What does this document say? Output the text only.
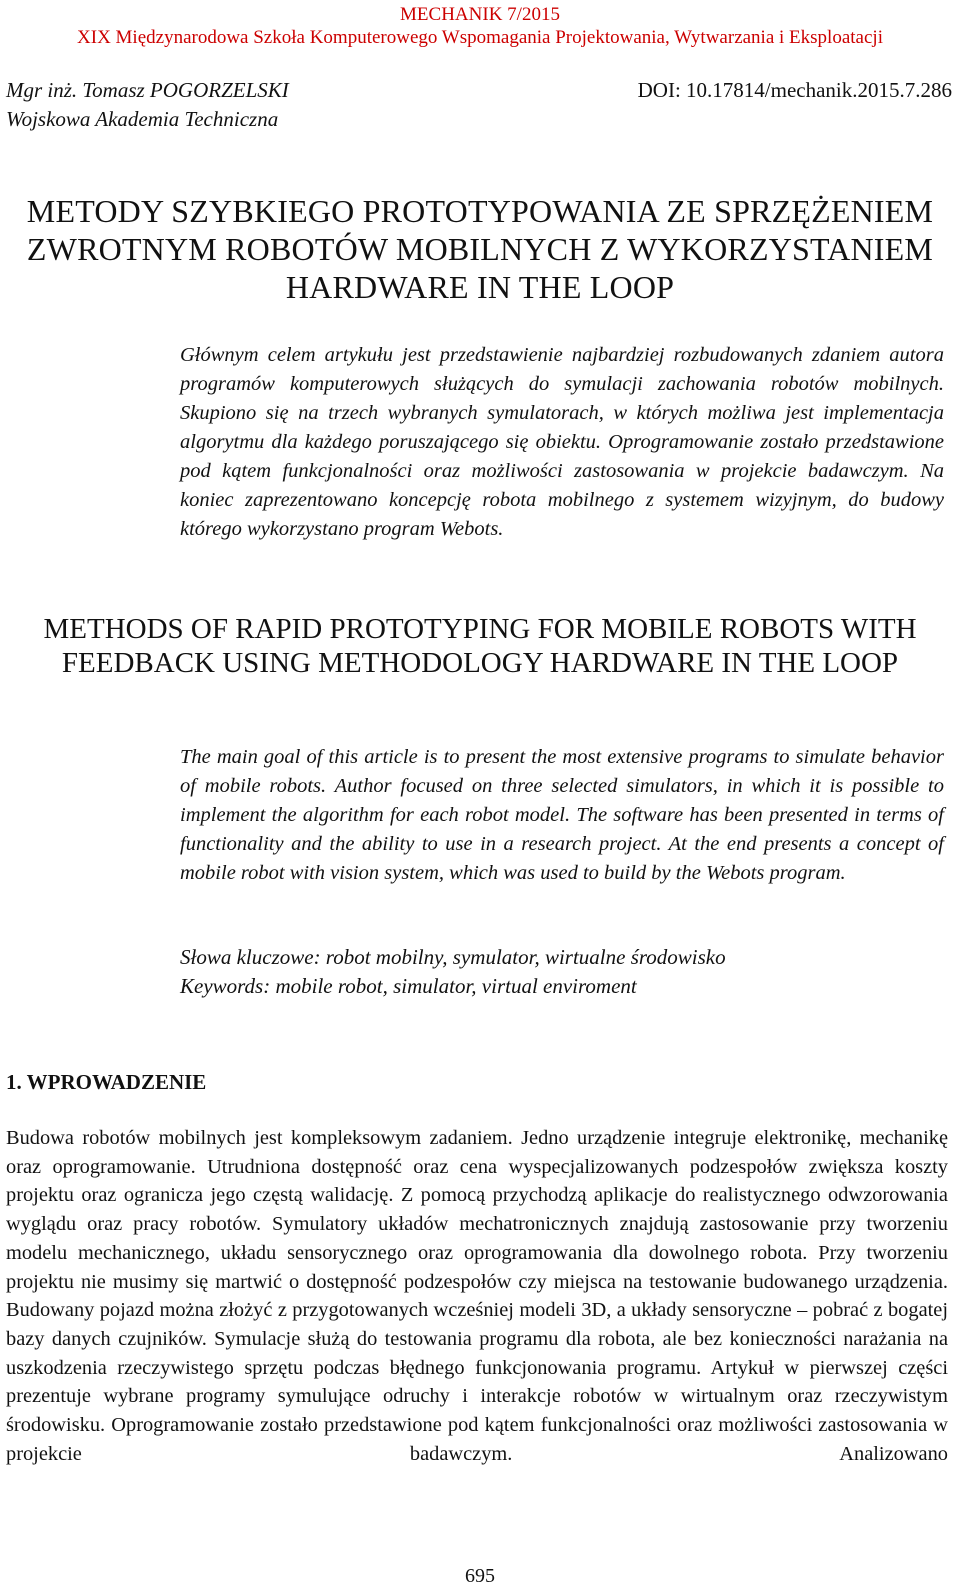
MECHANIK 7/2015
XIX Międzynarodowa Szkoła Komputerowego Wspomagania Projektowania, Wytwarzania i Eksploatacji
Mgr inż. Tomasz POGORZELSKI
Wojskowa Akademia Techniczna
DOI: 10.17814/mechanik.2015.7.286
METODY SZYBKIEGO PROTOTYPOWANIA ZE SPRZĘŻENIEM ZWROTNYM ROBOTÓW MOBILNYCH Z WYKORZYSTANIEM HARDWARE IN THE LOOP

Głównym celem artykułu jest przedstawienie najbardziej rozbudowanych zdaniem autora programów komputerowych służących do symulacji zachowania robotów mobilnych. Skupiono się na trzech wybranych symulatorach, w których możliwa jest implementacja algorytmu dla każdego poruszającego się obiektu. Oprogramowanie zostało przedstawione pod kątem funkcjonalności oraz możliwości zastosowania w projekcie badawczym. Na koniec zaprezentowano koncepcję robota mobilnego z systemem wizyjnym, do budowy którego wykorzystano program Webots.

METHODS OF RAPID PROTOTYPING FOR MOBILE ROBOTS WITH FEEDBACK USING METHODOLOGY HARDWARE IN THE LOOP

The main goal of this article is to present the most extensive programs to simulate behavior of mobile robots. Author focused on three selected simulators, in which it is possible to implement the algorithm for each robot model. The software has been presented in terms of functionality and the ability to use in a research project. At the end presents a concept of mobile robot with vision system, which was used to build by the Webots program.

Słowa kluczowe: robot mobilny, symulator, wirtualne środowisko
Keywords: mobile robot, simulator, virtual enviroment
1. WPROWADZENIE

Budowa robotów mobilnych jest kompleksowym zadaniem. Jedno urządzenie integruje elektronikę, mechanikę oraz oprogramowanie. Utrudniona dostępność oraz cena wyspecjalizowanych podzespołów zwiększa koszty projektu oraz ogranicza jego częstą walidację. Z pomocą przychodzą aplikacje do realistycznego odwzorowania wyglądu oraz pracy robotów. Symulatory układów mechatronicznych znajdują zastosowanie przy tworzeniu modelu mechanicznego, układu sensorycznego oraz oprogramowania dla dowolnego robota. Przy tworzeniu projektu nie musimy się martwić o dostępność podzespołów czy miejsca na testowanie budowanego urządzenia. Budowany pojazd można złożyć z przygotowanych wcześniej modeli 3D, a układy sensoryczne – pobrać z bogatej bazy danych czujników. Symulacje służą do testowania programu dla robota, ale bez konieczności narażania na uszkodzenia rzeczywistego sprzętu podczas błędnego funkcjonowania programu. Artykuł w pierwszej części prezentuje wybrane programy symulujące odruchy i interakcje robotów w wirtualnym oraz rzeczywistym środowisku. Oprogramowanie zostało przedstawione pod kątem funkcjonalności oraz możliwości zastosowania w projekcie badawczym. Analizowano

695
